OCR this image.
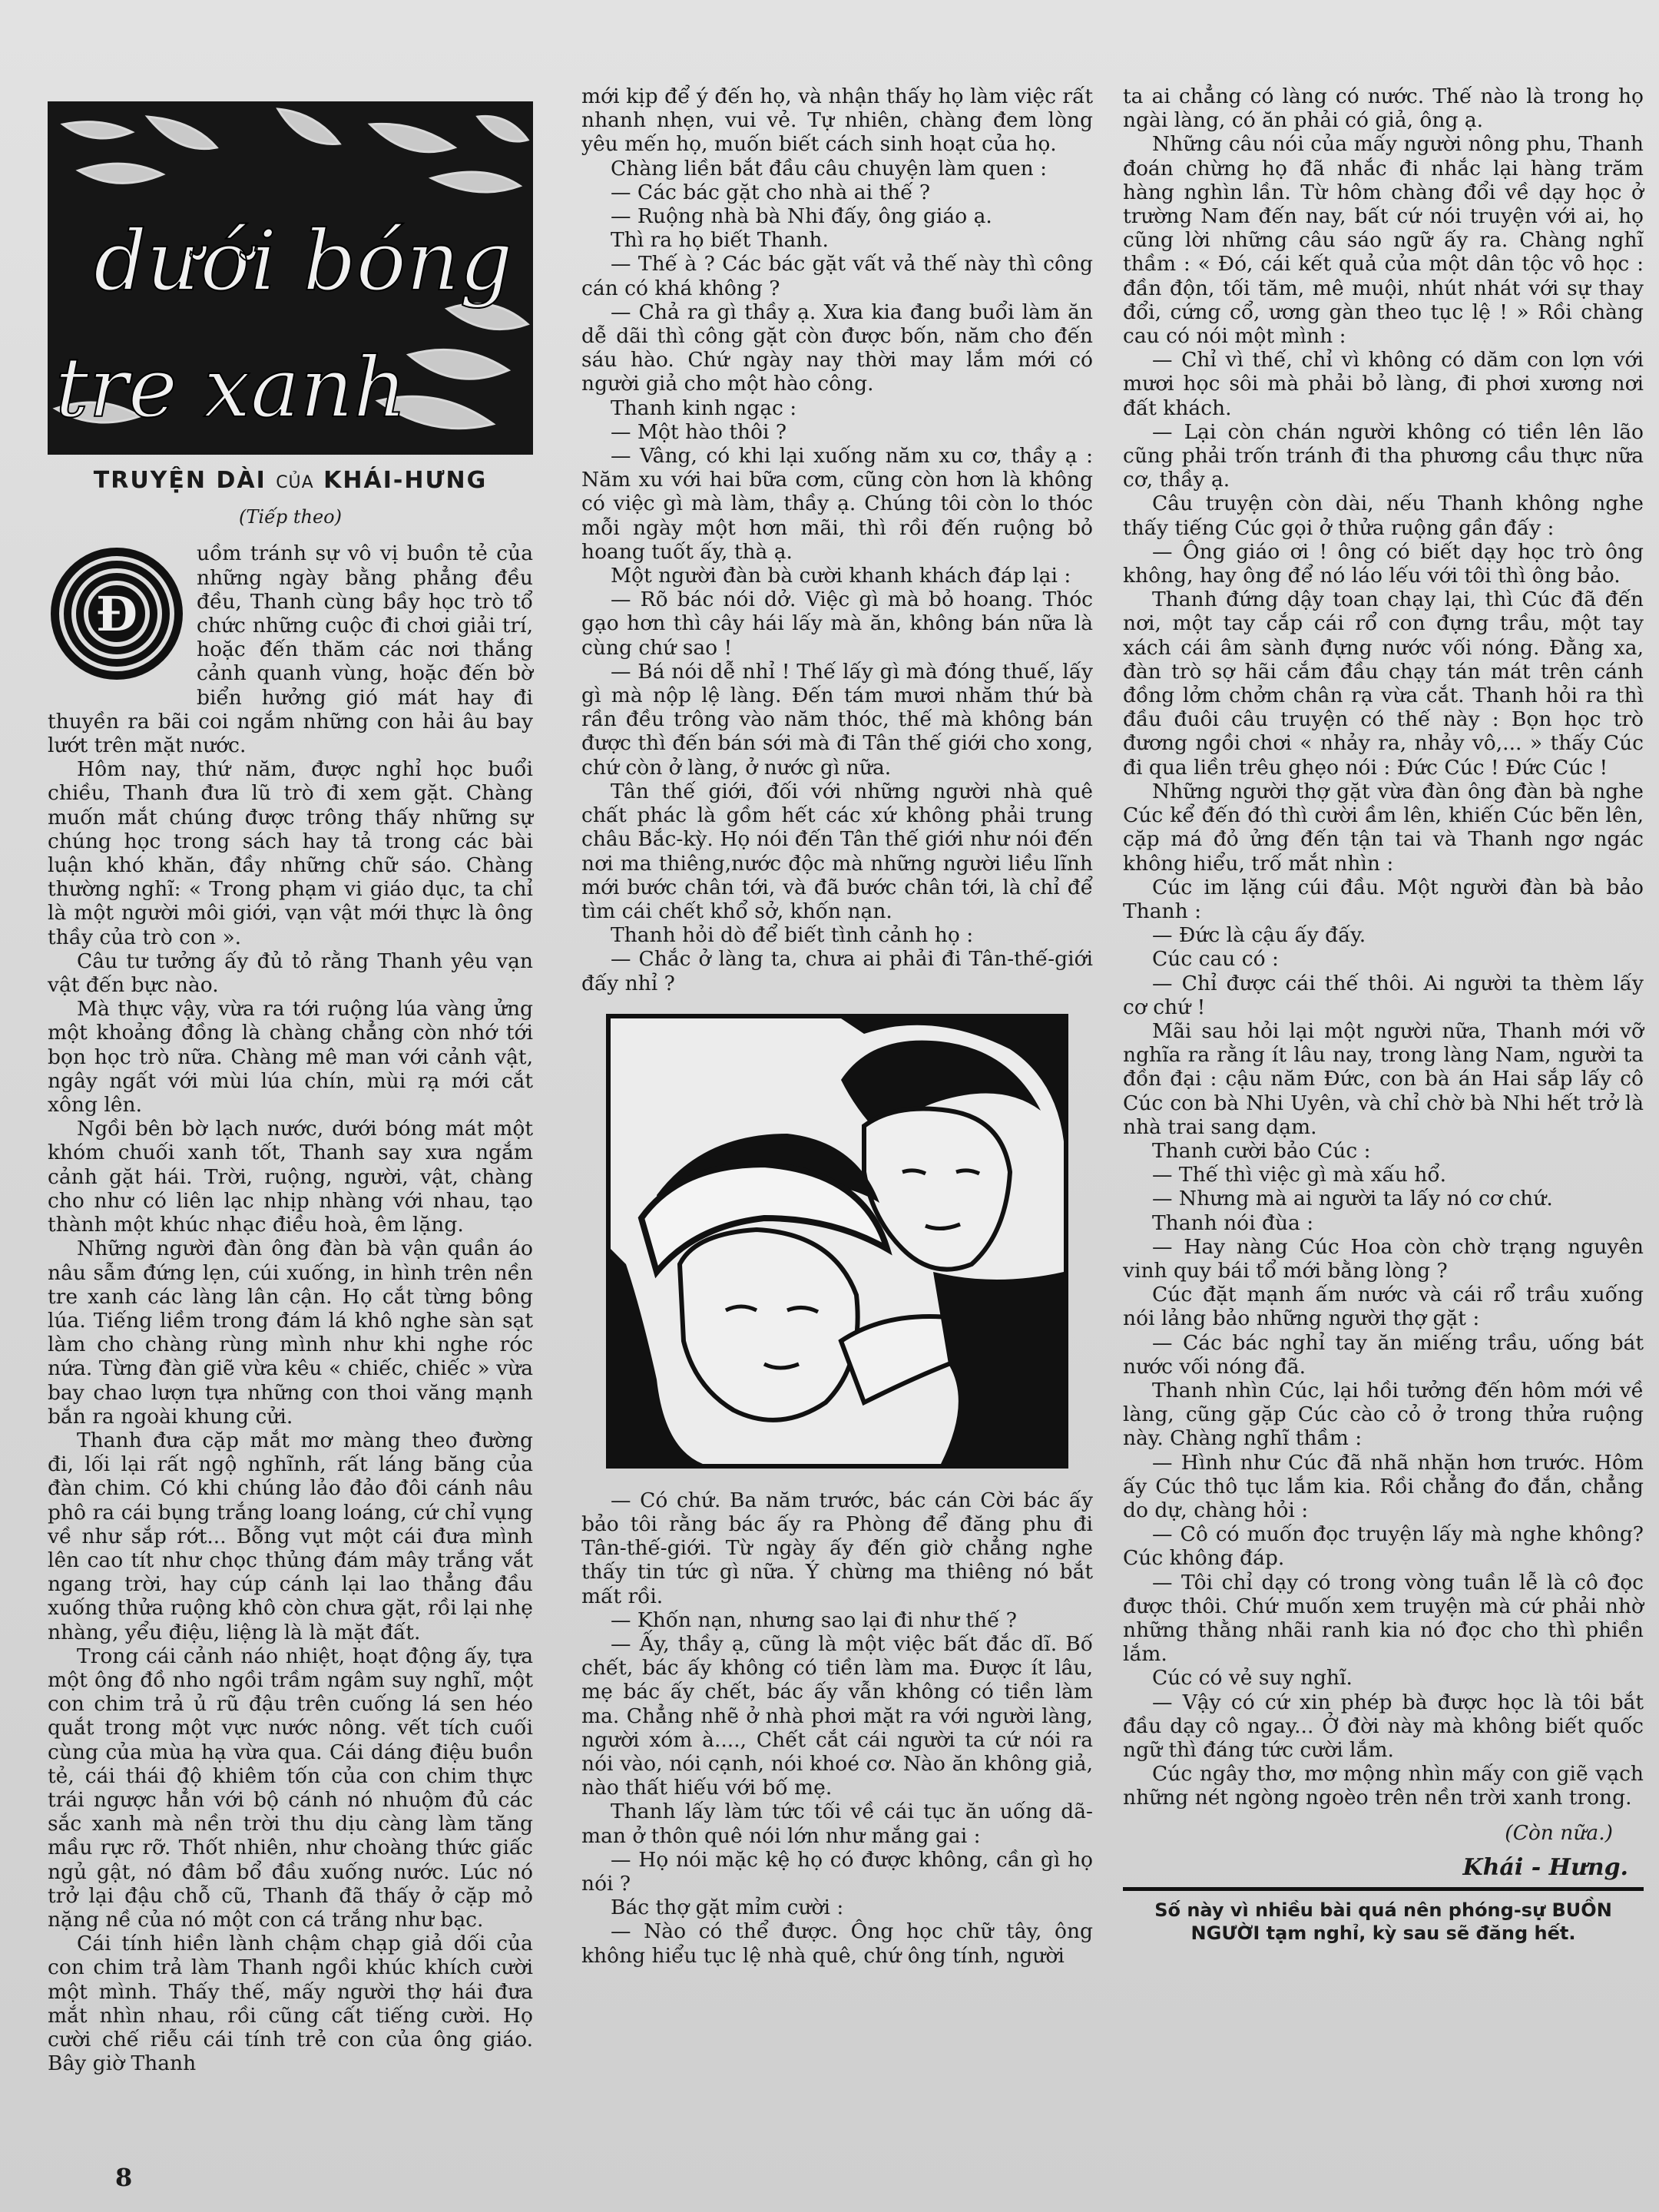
dưới bóng
tre xanh
TRUYỆN DÀI CỦA KHÁI-HƯNG
(Tiếp theo)
Đ

uồm tránh sự vô vị buồn tẻ của những ngày bằng phẳng đều đều, Thanh cùng bầy học trò tổ chức những cuộc đi chơi giải trí, hoặc đến thăm các nơi thắng cảnh quanh vùng, hoặc đến bờ biển hưởng gió mát hay đi thuyền ra bãi coi ngắm những con hải âu bay lướt trên mặt nước.

Hôm nay, thứ năm, được nghỉ học buổi chiều, Thanh đưa lũ trò đi xem gặt. Chàng muốn mắt chúng được trông thấy những sự chúng học trong sách hay tả trong các bài luận khó khăn, đầy những chữ sáo. Chàng thường nghĩ: « Trong phạm vi giáo dục, ta chỉ là một người môi giới, vạn vật mới thực là ông thầy của trò con ».

Câu tư tưởng ấy đủ tỏ rằng Thanh yêu vạn vật đến bực nào.

Mà thực vậy, vừa ra tới ruộng lúa vàng ửng một khoảng đồng là chàng chẳng còn nhớ tới bọn học trò nữa. Chàng mê man với cảnh vật, ngây ngất với mùi lúa chín, mùi rạ mới cắt xông lên.

Ngồi bên bờ lạch nước, dưới bóng mát một khóm chuối xanh tốt, Thanh say xưa ngắm cảnh gặt hái. Trời, ruộng, người, vật, chàng cho như có liên lạc nhịp nhàng với nhau, tạo thành một khúc nhạc điều hoà, êm lặng.

Những người đàn ông đàn bà vận quần áo nâu sẫm đứng lẹn, cúi xuống, in hình trên nền tre xanh các làng lân cận. Họ cắt từng bông lúa. Tiếng liềm trong đám lá khô nghe sàn sạt làm cho chàng rùng mình như khi nghe róc nứa. Từng đàn giẽ vừa kêu « chiếc, chiếc » vừa bay chao lượn tựa những con thoi văng mạnh bắn ra ngoài khung cửi.

Thanh đưa cặp mắt mơ màng theo đường đi, lối lại rất ngộ nghĩnh, rất láng băng của đàn chim. Có khi chúng lảo đảo đôi cánh nâu phô ra cái bụng trắng loang loáng, cứ chỉ vụng về như sắp rớt... Bỗng vụt một cái đưa mình lên cao tít như chọc thủng đám mây trắng vắt ngang trời, hay cúp cánh lại lao thẳng đầu xuống thửa ruộng khô còn chưa gặt, rồi lại nhẹ nhàng, yểu điệu, liệng là là mặt đất.

Trong cái cảnh náo nhiệt, hoạt động ấy, tựa một ông đồ nho ngồi trầm ngâm suy nghĩ, một con chim trả ủ rũ đậu trên cuống lá sen héo quắt trong một vực nước nông. vết tích cuối cùng của mùa hạ vừa qua. Cái dáng điệu buồn tẻ, cái thái độ khiêm tốn của con chim thực trái ngược hẳn với bộ cánh nó nhuộm đủ các sắc xanh mà nền trời thu dịu càng làm tăng mầu rực rỡ. Thốt nhiên, như choàng thức giấc ngủ gật, nó đâm bổ đầu xuống nước. Lúc nó trở lại đậu chỗ cũ, Thanh đã thấy ở cặp mỏ nặng nề của nó một con cá trắng như bạc.

Cái tính hiền lành chậm chạp giả dối của con chim trả làm Thanh ngồi khúc khích cười một mình. Thấy thế, mấy người thợ hái đưa mắt nhìn nhau, rồi cũng cất tiếng cười. Họ cười chế riễu cái tính trẻ con của ông giáo. Bây giờ Thanh

mới kịp để ý đến họ, và nhận thấy họ làm việc rất nhanh nhẹn, vui vẻ. Tự nhiên, chàng đem lòng yêu mến họ, muốn biết cách sinh hoạt của họ.

Chàng liền bắt đầu câu chuyện làm quen :

— Các bác gặt cho nhà ai thế ?

— Ruộng nhà bà Nhi đấy, ông giáo ạ.

Thì ra họ biết Thanh.

— Thế à ? Các bác gặt vất vả thế này thì công cán có khá không ?

— Chả ra gì thầy ạ. Xưa kia đang buổi làm ăn dễ dãi thì công gặt còn được bốn, năm cho đến sáu hào. Chứ ngày nay thời may lắm mới có người giả cho một hào công.

Thanh kinh ngạc :

— Một hào thôi ?

— Vâng, có khi lại xuống năm xu cơ, thầy ạ : Năm xu với hai bữa cơm, cũng còn hơn là không có việc gì mà làm, thầy ạ. Chúng tôi còn lo thóc mỗi ngày một hơn mãi, thì rồi đến ruộng bỏ hoang tuốt ấy, thà ạ.

Một người đàn bà cười khanh khách đáp lại :

— Rõ bác nói dở. Việc gì mà bỏ hoang. Thóc gạo hơn thì cây hái lấy mà ăn, không bán nữa là cùng chứ sao !

— Bá nói dễ nhỉ ! Thế lấy gì mà đóng thuế, lấy gì mà nộp lệ làng. Đến tám mươi nhăm thứ bà rần đều trông vào năm thóc, thế mà không bán được thì đến bán sới mà đi Tân thế giới cho xong, chứ còn ở làng, ở nước gì nữa.

Tân thế giới, đối với những người nhà quê chất phác là gồm hết các xứ không phải trung châu Bắc-kỳ. Họ nói đến Tân thế giới như nói đến nơi ma thiêng,nước độc mà những người liều lĩnh mới bước chân tới, và đã bước chân tới, là chỉ để tìm cái chết khổ sở, khốn nạn.

Thanh hỏi dò để biết tình cảnh họ :

— Chắc ở làng ta, chưa ai phải đi Tân-thế-giới đấy nhỉ ?

— Có chứ. Ba năm trước, bác cán Cời bác ấy bảo tôi rằng bác ấy ra Phòng để đăng phu đi Tân-thế-giới. Từ ngày ấy đến giờ chẳng nghe thấy tin tức gì nữa. Ý chừng ma thiêng nó bắt mất rồi.

— Khốn nạn, nhưng sao lại đi như thế ?

— Ấy, thầy ạ, cũng là một việc bất đắc dĩ. Bố chết, bác ấy không có tiền làm ma. Được ít lâu, mẹ bác ấy chết, bác ấy vẫn không có tiền làm ma. Chẳng nhẽ ở nhà phơi mặt ra với người làng, người xóm à...., Chết cắt cái người ta cứ nói ra nói vào, nói cạnh, nói khoé cơ. Nào ăn không giả, nào thất hiếu với bố mẹ.

Thanh lấy làm tức tối về cái tục ăn uống dã-man ở thôn quê nói lớn như mắng gai :

— Họ nói mặc kệ họ có được không, cần gì họ nói ?

Bác thợ gặt mỉm cười :

— Nào có thể được. Ông học chữ tây, ông không hiểu tục lệ nhà quê, chứ ông tính, người

ta ai chẳng có làng có nước. Thế nào là trong họ ngài làng, có ăn phải có giả, ông ạ.

Những câu nói của mấy người nông phu, Thanh đoán chừng họ đã nhắc đi nhắc lại hàng trăm hàng nghìn lần. Từ hôm chàng đổi về dạy học ở trường Nam đến nay, bất cứ nói truyện với ai, họ cũng lời những câu sáo ngữ ấy ra. Chàng nghĩ thầm : « Đó, cái kết quả của một dân tộc vô học : đần độn, tối tăm, mê muội, nhút nhát với sự thay đổi, cứng cổ, ương gàn theo tục lệ ! » Rồi chàng cau có nói một mình :

— Chỉ vì thế, chỉ vì không có dăm con lợn với mươi học sôi mà phải bỏ làng, đi phơi xương nơi đất khách.

— Lại còn chán người không có tiền lên lão cũng phải trốn tránh đi tha phương cầu thực nữa cơ, thầy ạ.

Câu truyện còn dài, nếu Thanh không nghe thấy tiếng Cúc gọi ở thửa ruộng gần đấy :

— Ông giáo ơi ! ông có biết dạy học trò ông không, hay ông để nó láo lếu với tôi thì ông bảo.

Thanh đứng dậy toan chạy lại, thì Cúc đã đến nơi, một tay cắp cái rổ con đựng trầu, một tay xách cái âm sành đựng nước vối nóng. Đằng xa, đàn trò sợ hãi cắm đầu chạy tán mát trên cánh đồng lởm chởm chân rạ vừa cắt. Thanh hỏi ra thì đầu đuôi câu truyện có thế này : Bọn học trò đương ngồi chơi « nhảy ra, nhảy vô,... » thấy Cúc đi qua liền trêu ghẹo nói : Đức Cúc ! Đức Cúc !

Những người thợ gặt vừa đàn ông đàn bà nghe Cúc kể đến đó thì cười ầm lên, khiến Cúc bẽn lên, cặp má đỏ ửng đến tận tai và Thanh ngơ ngác không hiểu, trố mắt nhìn :

Cúc im lặng cúi đầu. Một người đàn bà bảo Thanh :

— Đức là cậu ấy đấy.

Cúc cau có :

— Chỉ được cái thế thôi. Ai người ta thèm lấy cơ chứ !

Mãi sau hỏi lại một người nữa, Thanh mới vỡ nghĩa ra rằng ít lâu nay, trong làng Nam, người ta đồn đại : cậu năm Đức, con bà án Hai sắp lấy cô Cúc con bà Nhi Uyên, và chỉ chờ bà Nhi hết trở là nhà trai sang dạm.

Thanh cười bảo Cúc :

— Thế thì việc gì mà xấu hổ.

— Nhưng mà ai người ta lấy nó cơ chứ.

Thanh nói đùa :

— Hay nàng Cúc Hoa còn chờ trạng nguyên vinh quy bái tổ mới bằng lòng ?

Cúc đặt mạnh ấm nước và cái rổ trầu xuống nói lảng bảo những người thợ gặt :

— Các bác nghỉ tay ăn miếng trầu, uống bát nước vối nóng đã.

Thanh nhìn Cúc, lại hồi tưởng đến hôm mới về làng, cũng gặp Cúc cào cỏ ở trong thửa ruộng này. Chàng nghĩ thầm :

— Hình như Cúc đã nhã nhặn hơn trước. Hôm ấy Cúc thô tục lắm kia. Rồi chẳng đo đắn, chẳng do dự, chàng hỏi :

— Cô có muốn đọc truyện lấy mà nghe không? Cúc không đáp.

— Tôi chỉ dạy có trong vòng tuần lễ là cô đọc được thôi. Chứ muốn xem truyện mà cứ phải nhờ những thằng nhãi ranh kia nó đọc cho thì phiền lắm.

Cúc có vẻ suy nghĩ.

— Vậy có cứ xin phép bà được học là tôi bắt đầu dạy cô ngay... Ở đời này mà không biết quốc ngữ thì đáng tức cười lắm.

Cúc ngây thơ, mơ mộng nhìn mấy con giẽ vạch những nét ngòng ngoèo trên nền trời xanh trong.

(Còn nữa.)
Khái - Hưng.
Số này vì nhiều bài quá nên phóng-sự BUỒN NGƯỜI tạm nghỉ, kỳ sau sẽ đăng hết.
8
